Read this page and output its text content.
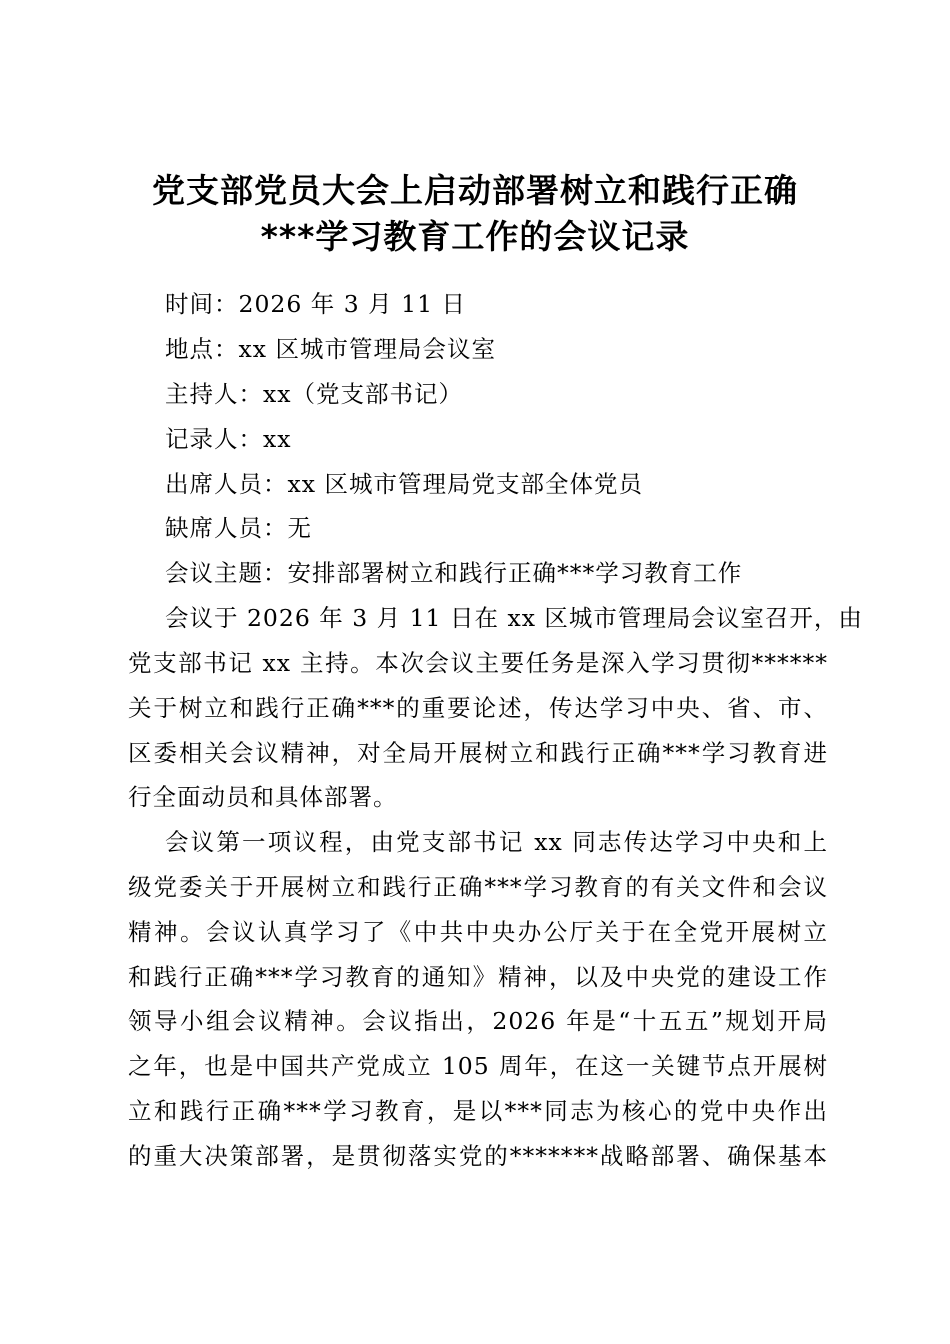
党支部党员大会上启动部署树立和践行正确
***学习教育工作的会议记录
时间：2026 年 3 月 11 日
地点：xx 区城市管理局会议室
主持人：xx（党支部书记）
记录人：xx
出席人员：xx 区城市管理局党支部全体党员
缺席人员：无
会议主题：安排部署树立和践行正确***学习教育工作
会议于 2026 年 3 月 11 日在 xx 区城市管理局会议室召开，由
党支部书记 xx 主持。本次会议主要任务是深入学习贯彻******
关于树立和践行正确***的重要论述，传达学习中央、省、市、
区委相关会议精神，对全局开展树立和践行正确***学习教育进
行全面动员和具体部署。
会议第一项议程，由党支部书记 xx 同志传达学习中央和上
级党委关于开展树立和践行正确***学习教育的有关文件和会议
精神。会议认真学习了《中共中央办公厅关于在全党开展树立
和践行正确***学习教育的通知》精神，以及中央党的建设工作
领导小组会议精神。会议指出，2026 年是“十五五”规划开局
之年，也是中国共产党成立 105 周年，在这一关键节点开展树
立和践行正确***学习教育，是以***同志为核心的党中央作出
的重大决策部署，是贯彻落实党的*******战略部署、确保基本
